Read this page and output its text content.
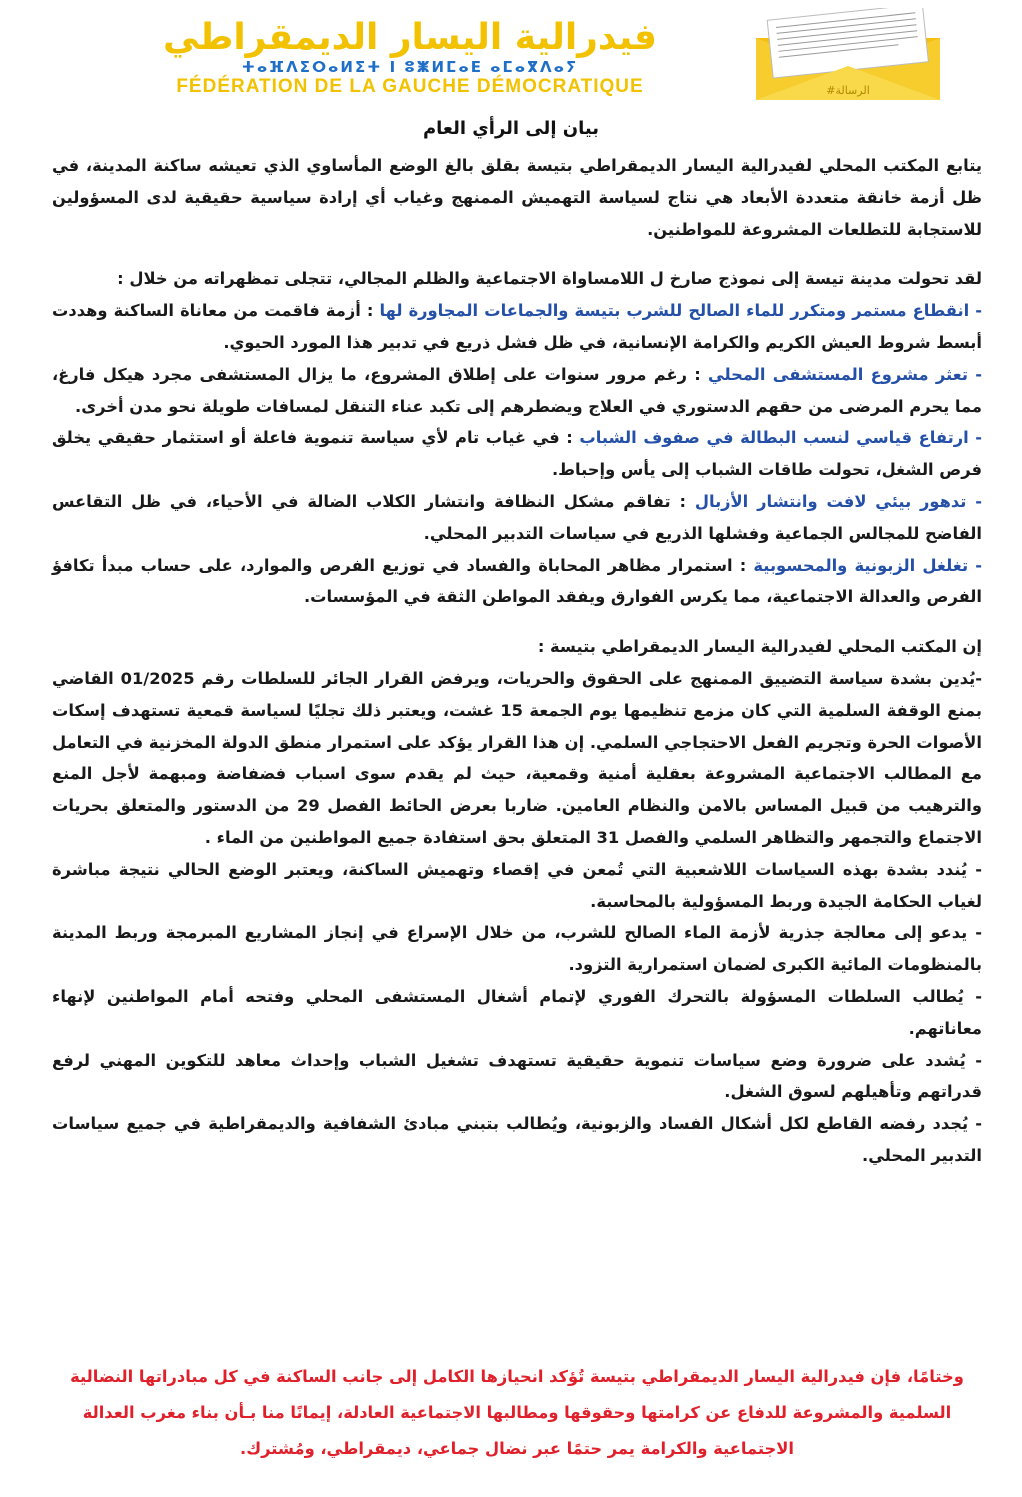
فيدرالية اليسار الديمقراطي
ⵜⴰⴼⴷⵉⵔⴰⵍⵉⵜ ⵏ ⵓⵥⵍⵎⴰⴹ ⴰⵎⴰⴳⴷⴰⵢ
FÉDÉRATION DE LA GAUCHE DÉMOCRATIQUE	#الرسالة
بيان إلى الرأي العام

يتابع المكتب المحلي لفيدرالية اليسار الديمقراطي بتيسة بقلق بالغ الوضع المأساوي الذي تعيشه ساكنة المدينة، في ظل أزمة خانقة متعددة الأبعاد هي نتاج لسياسة التهميش الممنهج وغياب أي إرادة سياسية حقيقية لدى المسؤولين للاستجابة للتطلعات المشروعة للمواطنين.

لقد تحولت مدينة تيسة إلى نموذج صارخ ل اللامساواة الاجتماعية والظلم المجالي، تتجلى تمظهراته من خلال :

- انقطاع مستمر ومتكرر للماء الصالح للشرب بتيسة والجماعات المجاورة لها : أزمة فاقمت من معاناة الساكنة وهددت أبسط شروط العيش الكريم والكرامة الإنسانية، في ظل فشل ذريع في تدبير هذا المورد الحيوي.

- تعثر مشروع المستشفى المحلي : رغم مرور سنوات على إطلاق المشروع، ما يزال المستشفى مجرد هيكل فارغ، مما يحرم المرضى من حقهم الدستوري في العلاج ويضطرهم إلى تكبد عناء التنقل لمسافات طويلة نحو مدن أخرى.

- ارتفاع قياسي لنسب البطالة في صفوف الشباب : في غياب تام لأي سياسة تنموية فاعلة أو استثمار حقيقي يخلق فرص الشغل، تحولت طاقات الشباب إلى يأس وإحباط.

- تدهور بيئي لافت وانتشار الأزبال : تفاقم مشكل النظافة وانتشار الكلاب الضالة في الأحياء، في ظل التقاعس الفاضح للمجالس الجماعية وفشلها الذريع في سياسات التدبير المحلي.

- تغلغل الزبونية والمحسوبية : استمرار مظاهر المحاباة والفساد في توزيع الفرص والموارد، على حساب مبدأ تكافؤ الفرص والعدالة الاجتماعية، مما يكرس الفوارق ويفقد المواطن الثقة في المؤسسات.

إن المكتب المحلي لفيدرالية اليسار الديمقراطي بتيسة :

-يُدين بشدة سياسة التضييق الممنهج على الحقوق والحريات، ويرفض القرار الجائر للسلطات رقم 01/2025 القاضي بمنع الوقفة السلمية التي كان مزمع تنظيمها يوم الجمعة 15 غشت، ويعتبر ذلك تجليًا لسياسة قمعية تستهدف إسكات الأصوات الحرة وتجريم الفعل الاحتجاجي السلمي. إن هذا القرار يؤكد على استمرار منطق الدولة المخزنية في التعامل مع المطالب الاجتماعية المشروعة بعقلية أمنية وقمعية، حيث لم يقدم سوى اسباب فضفاضة ومبهمة لأجل المنع والترهيب من قبيل المساس بالامن والنظام العامين. ضاربا بعرض الحائط الفصل 29 من الدستور والمتعلق بحريات الاجتماع والتجمهر والتظاهر السلمي والفصل 31 المتعلق بحق استفادة جميع المواطنين من الماء .

- يُندد بشدة بهذه السياسات اللاشعبية التي تُمعن في إقصاء وتهميش الساكنة، ويعتبر الوضع الحالي نتيجة مباشرة لغياب الحكامة الجيدة وربط المسؤولية بالمحاسبة.

- يدعو إلى معالجة جذرية لأزمة الماء الصالح للشرب، من خلال الإسراع في إنجاز المشاريع المبرمجة وربط المدينة بالمنظومات المائية الكبرى لضمان استمرارية التزود.

- يُطالب السلطات المسؤولة بالتحرك الفوري لإتمام أشغال المستشفى المحلي وفتحه أمام المواطنين لإنهاء معاناتهم.

- يُشدد على ضرورة وضع سياسات تنموية حقيقية تستهدف تشغيل الشباب وإحداث معاهد للتكوين المهني لرفع قدراتهم وتأهيلهم لسوق الشغل.

- يُجدد رفضه القاطع لكل أشكال الفساد والزبونية، ويُطالب بتبني مبادئ الشفافية والديمقراطية في جميع سياسات التدبير المحلي.

وختامًا، فإن فيدرالية اليسار الديمقراطي بتيسة تُؤكد انحيازها الكامل إلى جانب الساكنة في كل مبادراتها النضالية السلمية والمشروعة للدفاع عن كرامتها وحقوقها ومطالبها الاجتماعية العادلة، إيمانًا منا بـأن بناء مغرب العدالة الاجتماعية والكرامة يمر حتمًا عبر نضال جماعي، ديمقراطي، ومُشترك.
